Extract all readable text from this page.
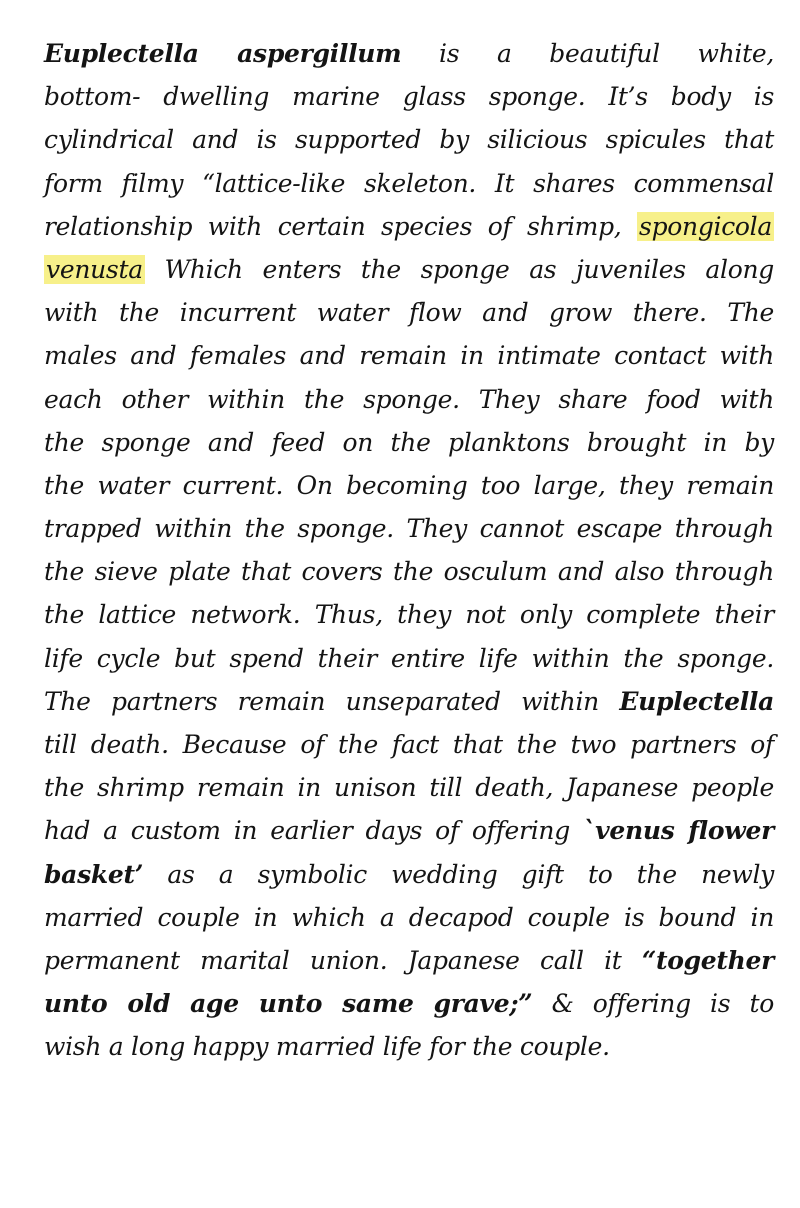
Euplectella aspergillum is a beautiful white,
bottom- dwelling marine glass sponge. It’s body is
cylindrical and is supported by silicious spicules that
form filmy “lattice-like skeleton. It shares commensal
relationship with certain species of shrimp, spongicola
venusta Which enters the sponge as juveniles along
with the incurrent water flow and grow there. The
males and females and remain in intimate contact with
each other within the sponge. They share food with
the sponge and feed on the planktons brought in by
the water current. On becoming too large, they remain
trapped within the sponge. They cannot escape through
the sieve plate that covers the osculum and also through
the lattice network. Thus, they not only complete their
life cycle but spend their entire life within the sponge.
The partners remain unseparated within Euplectella
till death. Because of the fact that the two partners of
the shrimp remain in unison till death, Japanese people
had a custom in earlier days of offering `venus flower
basket’ as a symbolic wedding gift to the newly
married couple in which a decapod couple is bound in
permanent marital union. Japanese call it “together
unto old age unto same grave;” & offering is to
wish a long happy married life for the couple.
